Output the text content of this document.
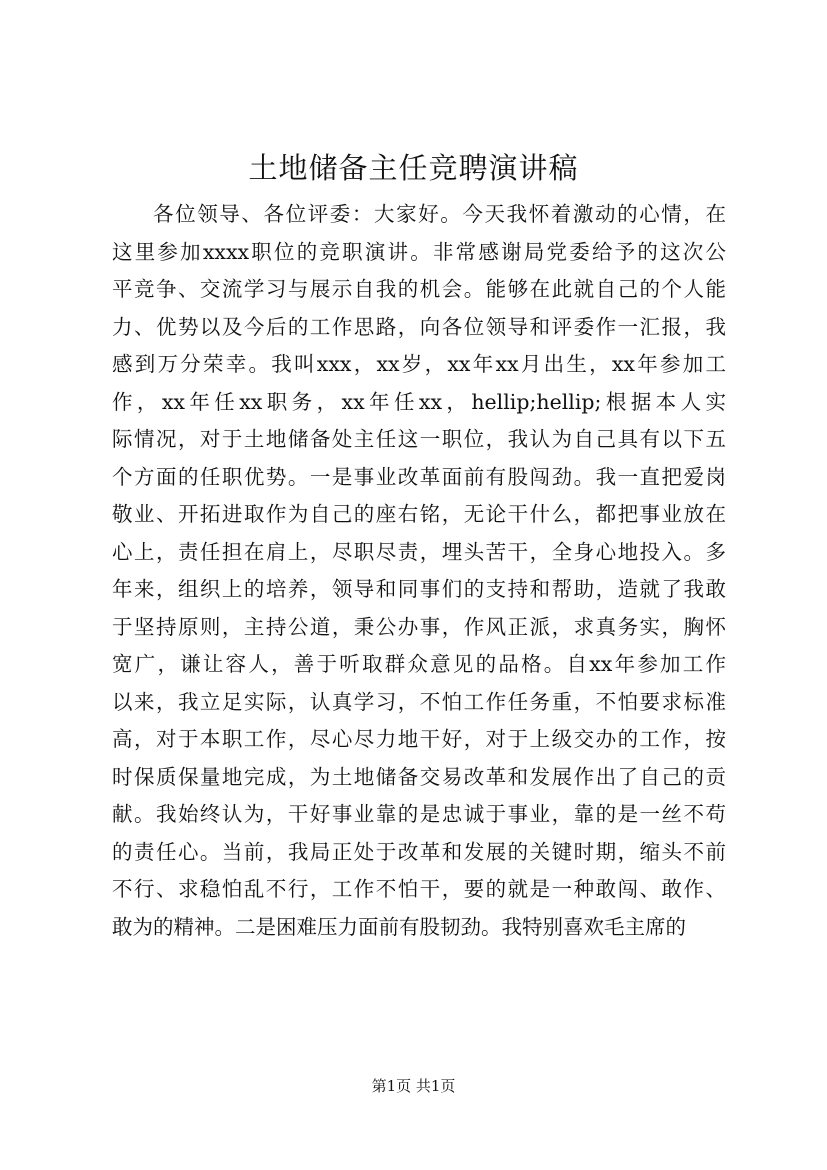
土地储备主任竞聘演讲稿
各位领导、各位评委：大家好。今天我怀着激动的心情，在
这里参加xxxx职位的竞职演讲。非常感谢局党委给予的这次公
平竞争、交流学习与展示自我的机会。能够在此就自己的个人能
力、优势以及今后的工作思路，向各位领导和评委作一汇报，我
感到万分荣幸。我叫xxx，xx岁，xx年xx月出生，xx年参加工
作，xx年任xx职务，xx年任xx，hellip;hellip;根据本人实
际情况，对于土地储备处主任这一职位，我认为自己具有以下五
个方面的任职优势。一是事业改革面前有股闯劲。我一直把爱岗
敬业、开拓进取作为自己的座右铭，无论干什么，都把事业放在
心上，责任担在肩上，尽职尽责，埋头苦干，全身心地投入。多
年来，组织上的培养，领导和同事们的支持和帮助，造就了我敢
于坚持原则，主持公道，秉公办事，作风正派，求真务实，胸怀
宽广，谦让容人，善于听取群众意见的品格。自xx年参加工作
以来，我立足实际，认真学习，不怕工作任务重，不怕要求标准
高，对于本职工作，尽心尽力地干好，对于上级交办的工作，按
时保质保量地完成，为土地储备交易改革和发展作出了自己的贡
献。我始终认为，干好事业靠的是忠诚于事业，靠的是一丝不苟
的责任心。当前，我局正处于改革和发展的关键时期，缩头不前
不行、求稳怕乱不行，工作不怕干，要的就是一种敢闯、敢作、
敢为的精神。二是困难压力面前有股韧劲。我特别喜欢毛主席的
第1页 共1页
